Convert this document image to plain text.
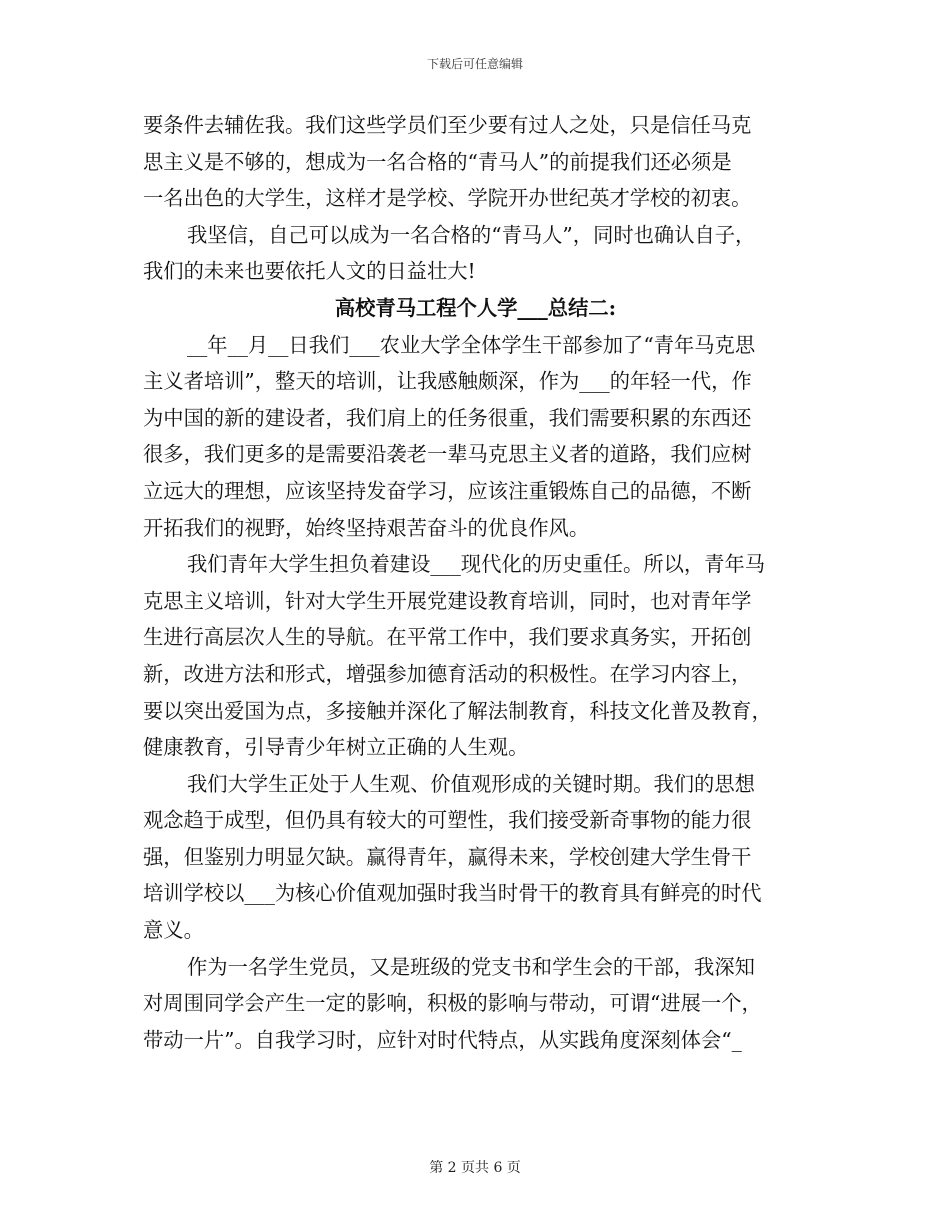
下载后可任意编辑
要条件去辅佐我。我们这些学员们至少要有过人之处，只是信任马克
思主义是不够的，想成为一名合格的“青马人”的前提我们还必须是
一名出色的大学生，这样才是学校、学院开办世纪英才学校的初衷。
我坚信，自己可以成为一名合格的“青马人”，同时也确认自子，
我们的未来也要依托人文的日益壮大!
高校青马工程个人学___总结二:
__年__月__日我们___农业大学全体学生干部参加了“青年马克思
主义者培训”，整天的培训，让我感触颇深，作为___的年轻一代，作
为中国的新的建设者，我们肩上的任务很重，我们需要积累的东西还
很多，我们更多的是需要沿袭老一辈马克思主义者的道路，我们应树
立远大的理想，应该坚持发奋学习，应该注重锻炼自己的品德，不断
开拓我们的视野，始终坚持艰苦奋斗的优良作风。
我们青年大学生担负着建设___现代化的历史重任。所以，青年马
克思主义培训，针对大学生开展党建设教育培训，同时，也对青年学
生进行高层次人生的导航。在平常工作中，我们要求真务实，开拓创
新，改进方法和形式，增强参加德育活动的积极性。在学习内容上，
要以突出爱国为点，多接触并深化了解法制教育，科技文化普及教育，
健康教育，引导青少年树立正确的人生观。
我们大学生正处于人生观、价值观形成的关键时期。我们的思想
观念趋于成型，但仍具有较大的可塑性，我们接受新奇事物的能力很
强，但鉴别力明显欠缺。赢得青年，赢得未来，学校创建大学生骨干
培训学校以___为核心价值观加强时我当时骨干的教育具有鲜亮的时代
意义。
作为一名学生党员，又是班级的党支书和学生会的干部，我深知
对周围同学会产生一定的影响，积极的影响与带动，可谓“进展一个，
带动一片”。自我学习时，应针对时代特点，从实践角度深刻体会“_
第 2 页共 6 页
